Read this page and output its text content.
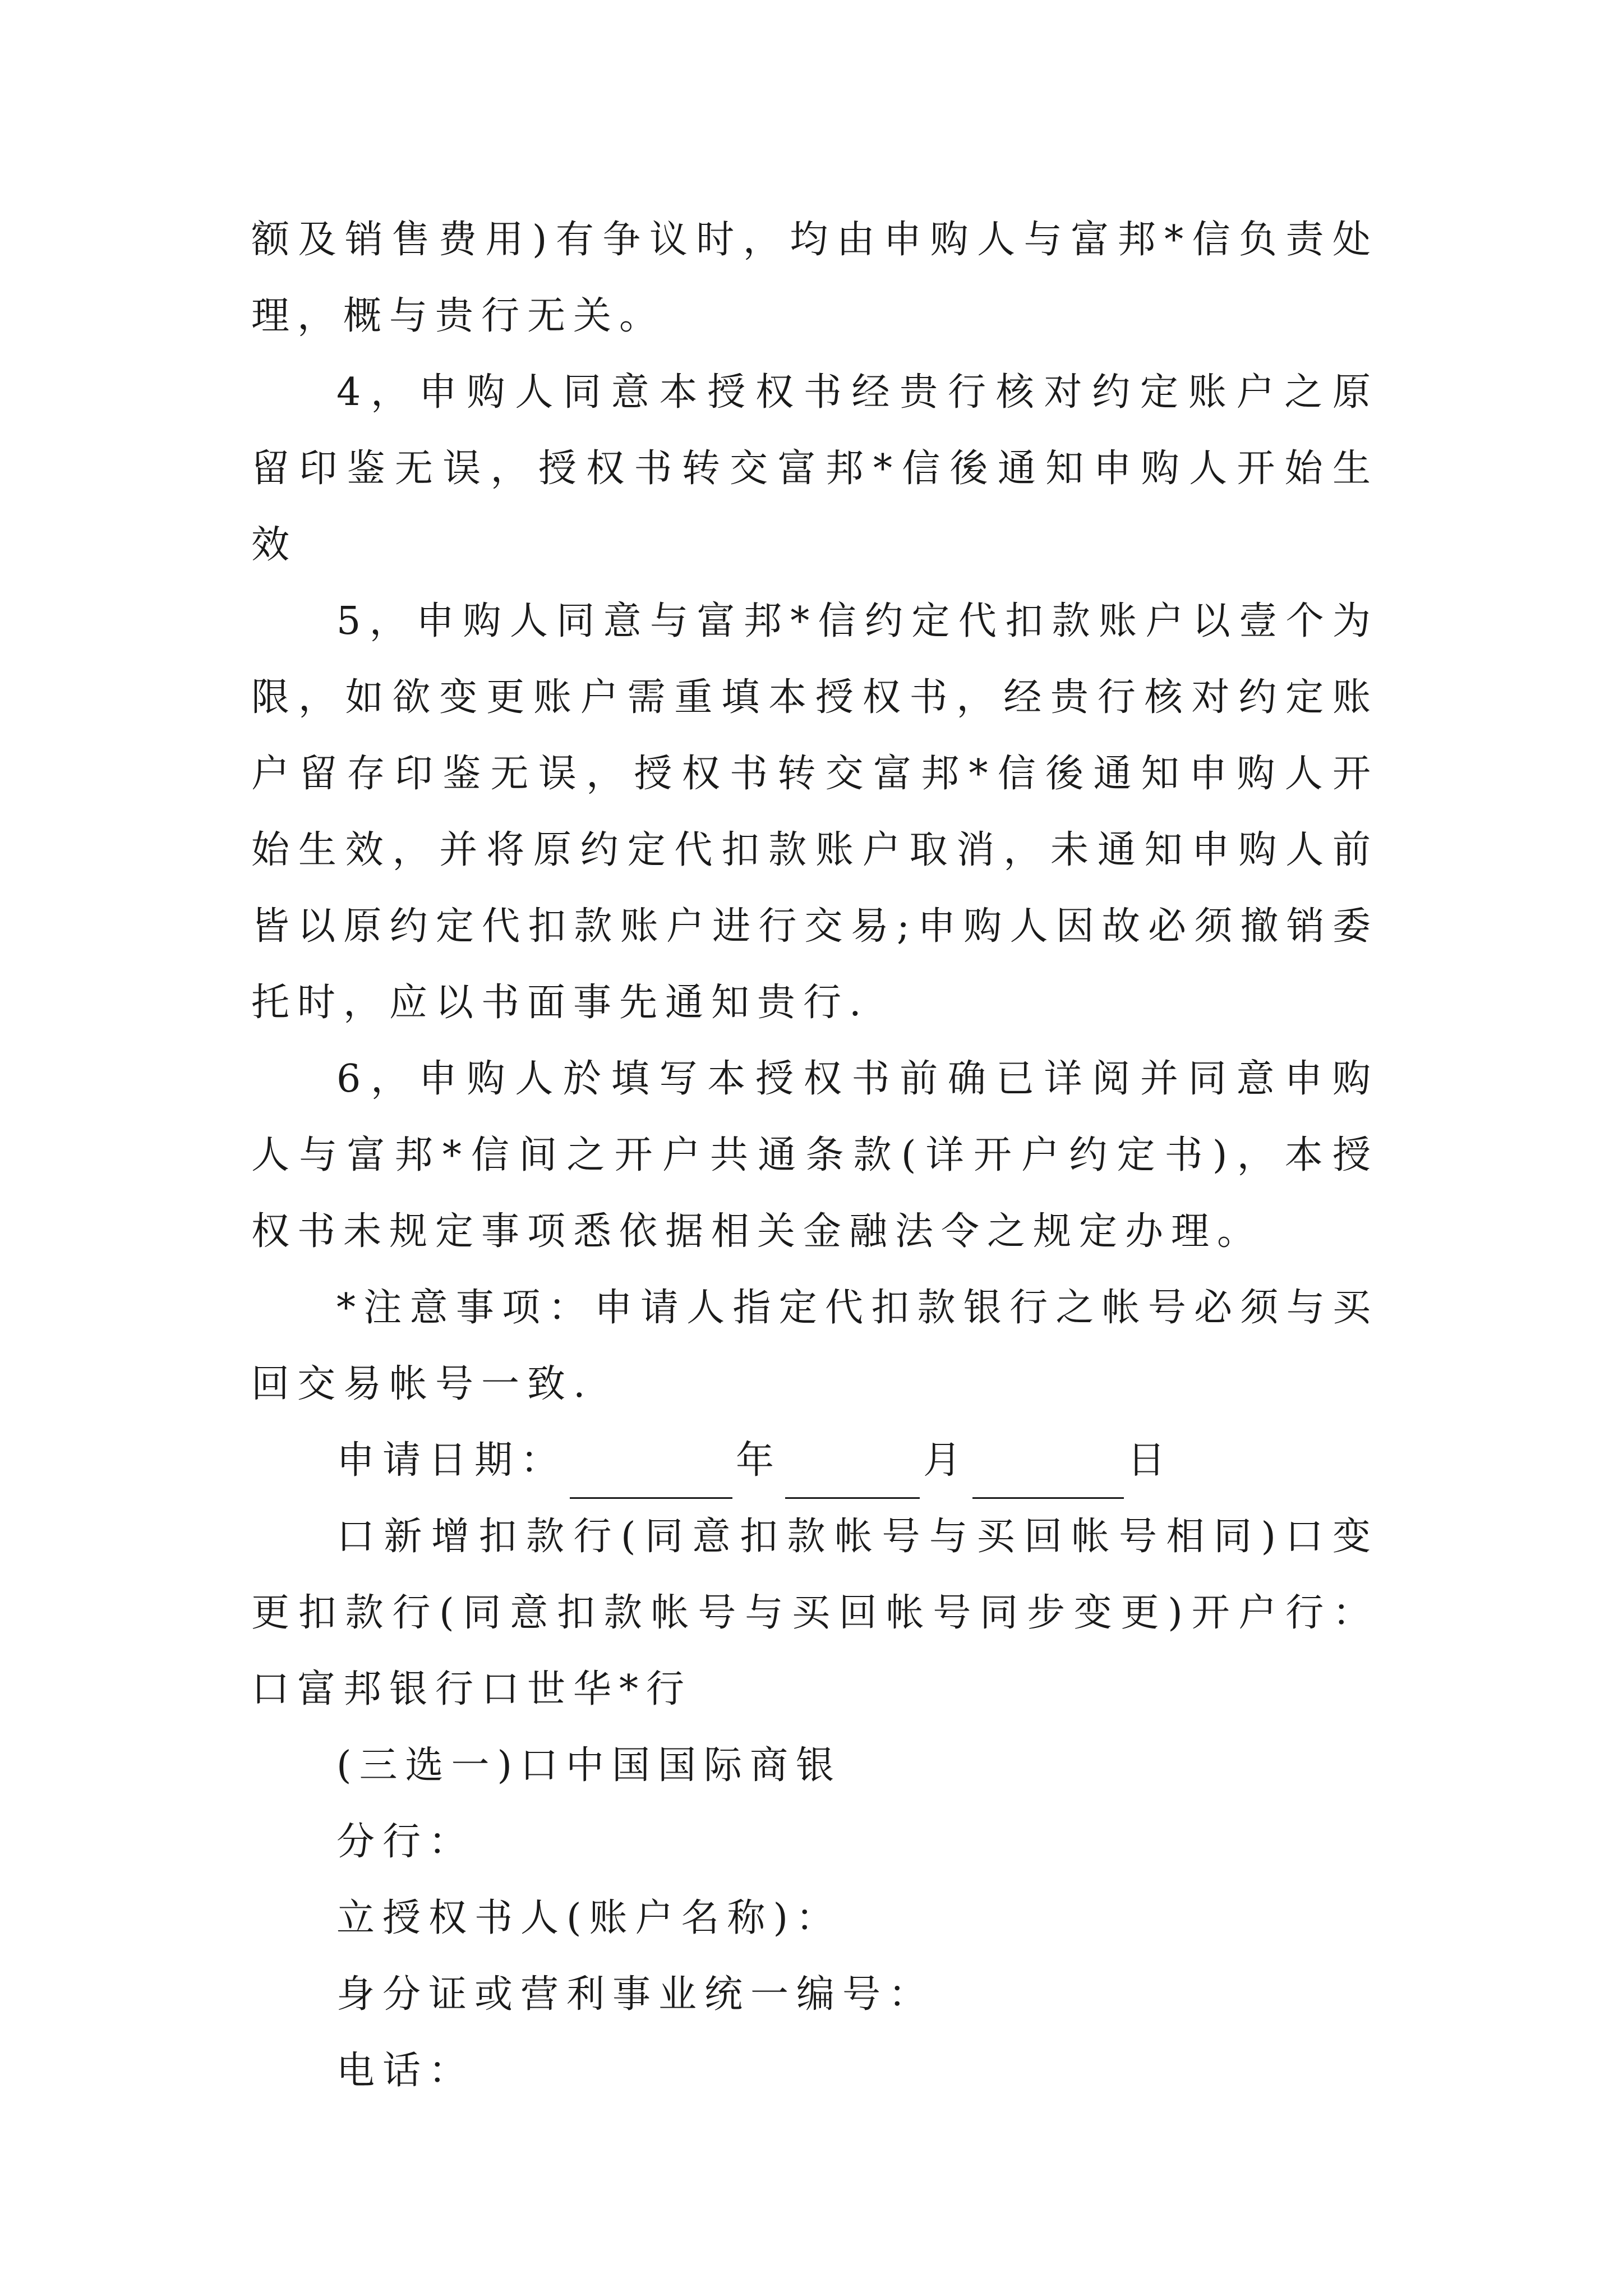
额及销售费用)有争议时，均由申购人与富邦*信负责处理，概与贵行无关。

4，申购人同意本授权书经贵行核对约定账户之原留印鉴无误，授权书转交富邦*信後通知申购人开始生效

5，申购人同意与富邦*信约定代扣款账户以壹个为限，如欲变更账户需重填本授权书，经贵行核对约定账户留存印鉴无误，授权书转交富邦*信後通知申购人开始生效，并将原约定代扣款账户取消，未通知申购人前皆以原约定代扣款账户进行交易;申购人因故必须撤销委托时，应以书面事先通知贵行.

6，申购人於填写本授权书前确已详阅并同意申购人与富邦*信间之开户共通条款(详开户约定书)，本授权书未规定事项悉依据相关金融法令之规定办理。

*注意事项：申请人指定代扣款银行之帐号必须与买回交易帐号一致.

申请日期：	年	月	日

口新增扣款行(同意扣款帐号与买回帐号相同)口变更扣款行(同意扣款帐号与买回帐号同步变更)开户行：口富邦银行口世华*行

(三选一)口中国国际商银

分行：

立授权书人(账户名称)：

身分证或营利事业统一编号：

电话：
